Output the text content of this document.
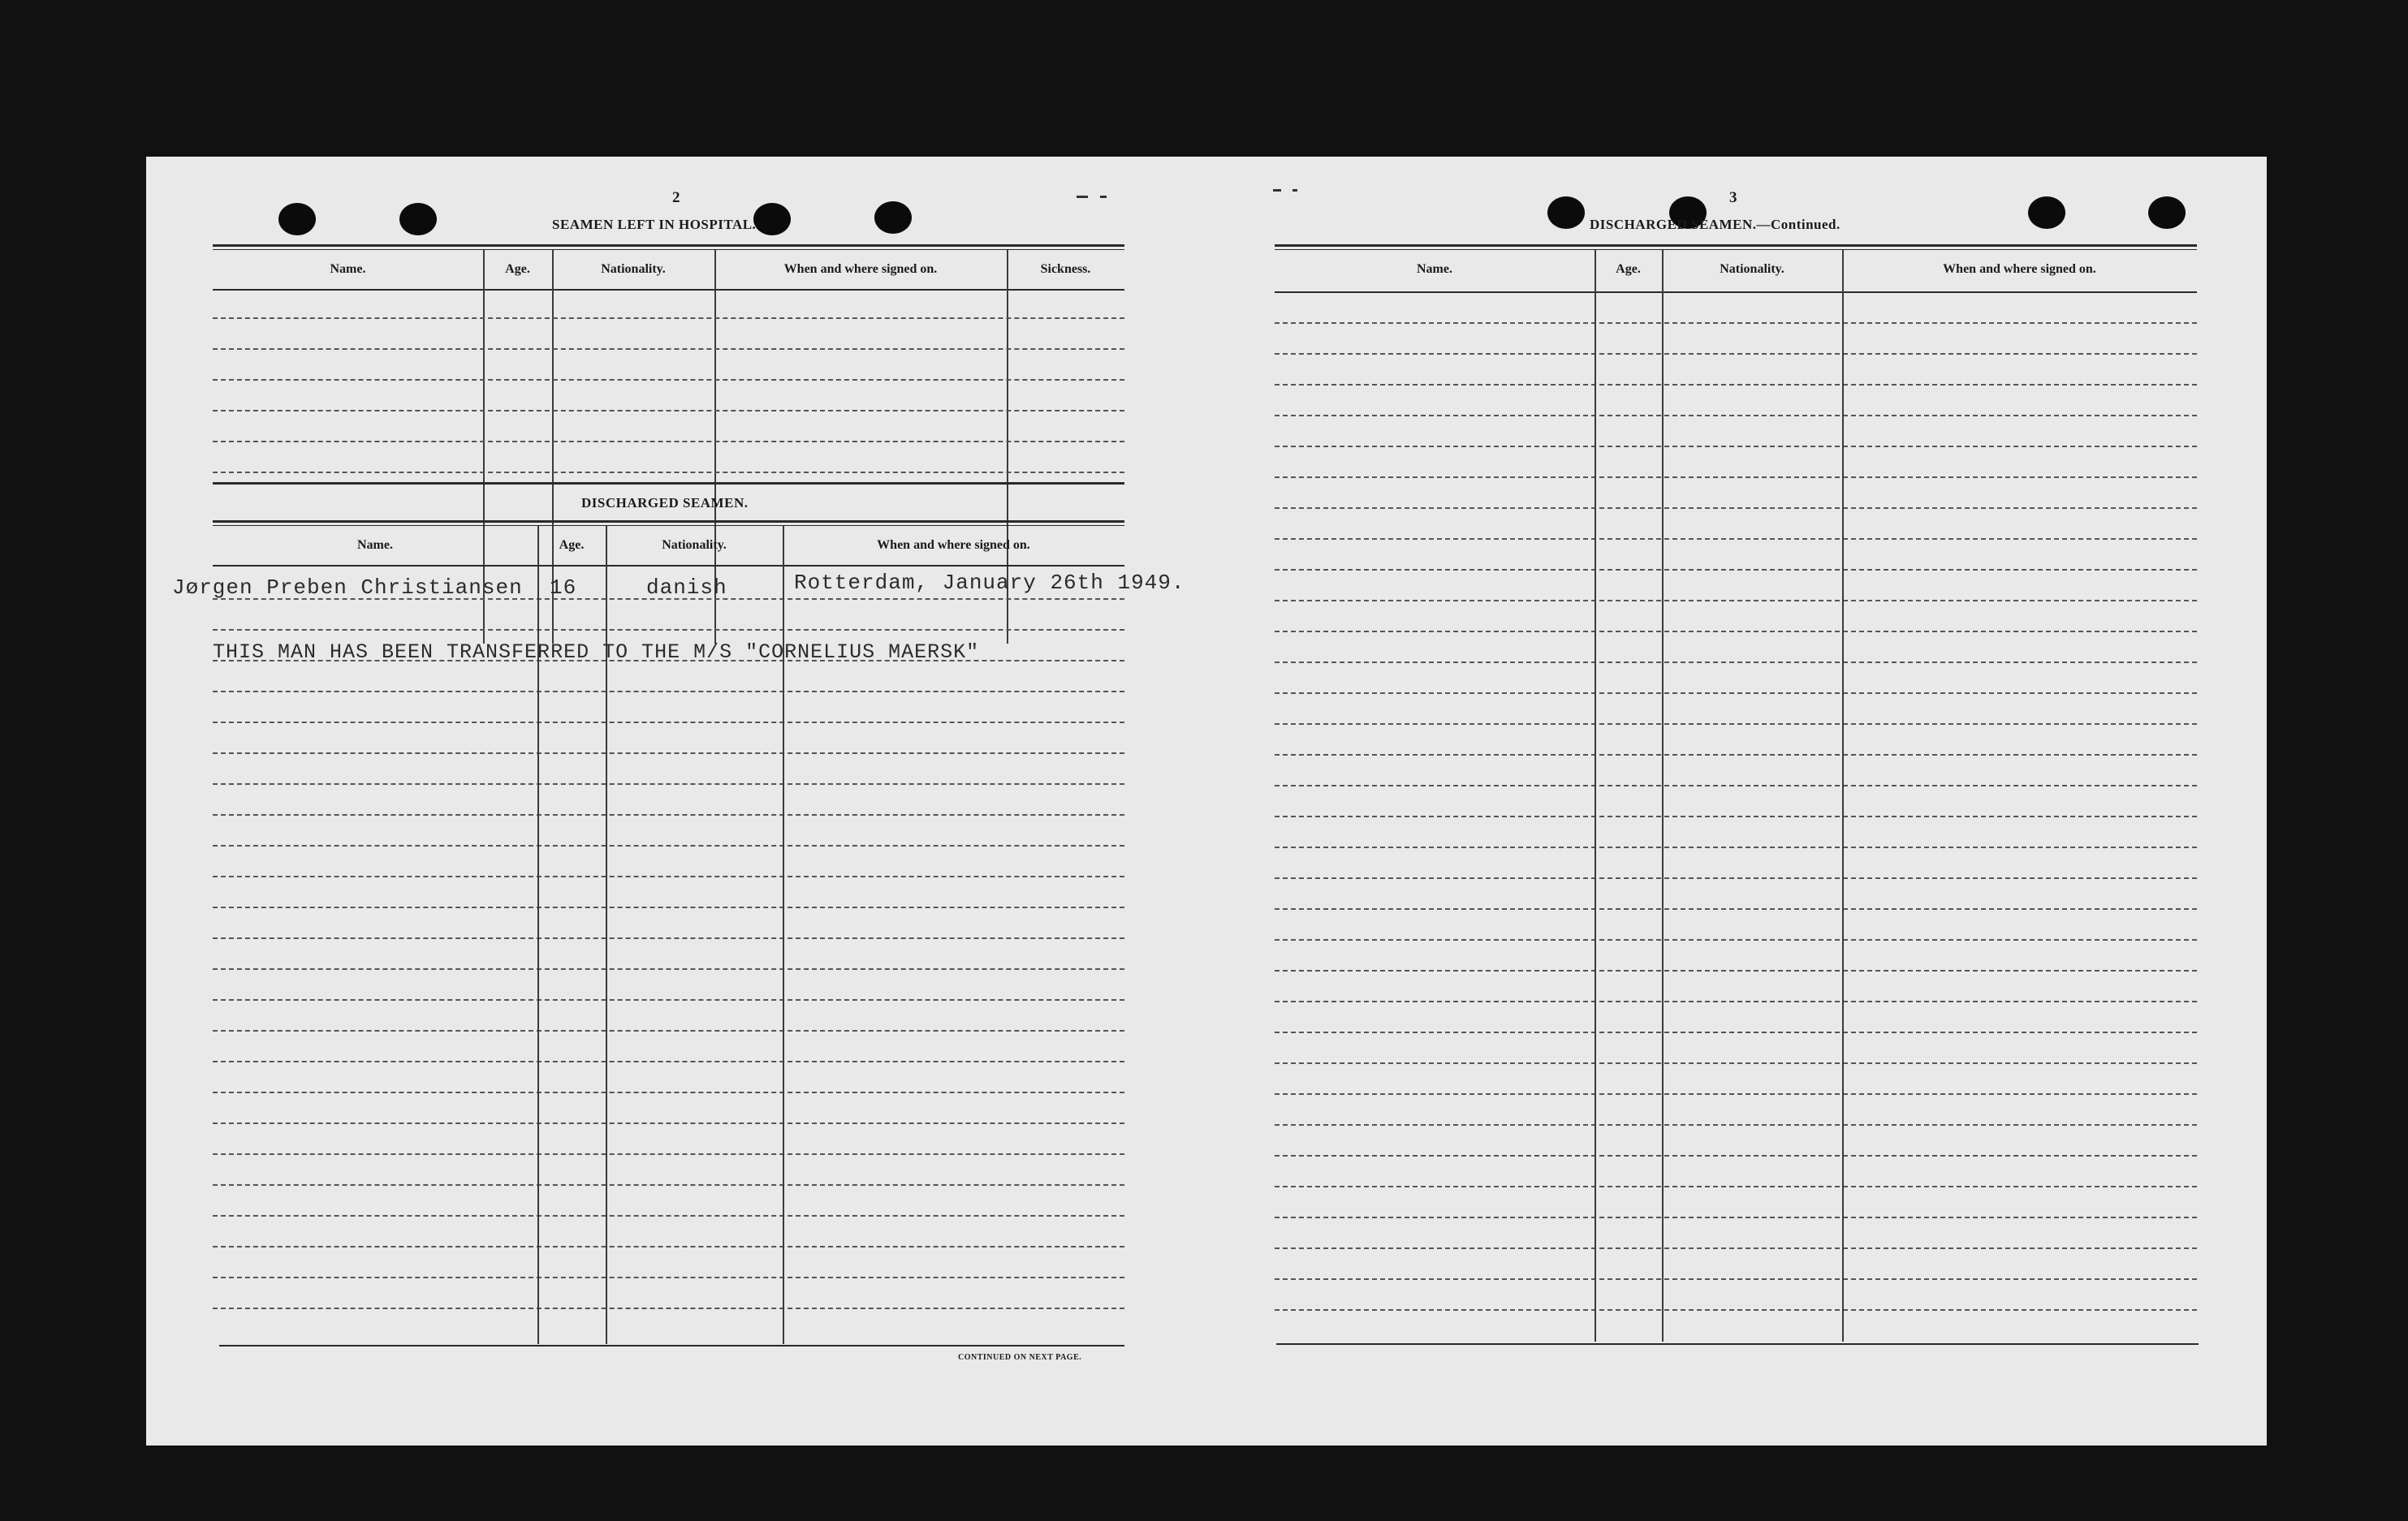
2
SEAMEN LEFT IN HOSPITAL.
Name.	Age.	Nationality.	When and where signed on.	Sickness.
DISCHARGED SEAMEN.
Name.	Age.	Nationality.	When and where signed on.
Jørgen Preben Christiansen 16	danish	Rotterdam, January 26th 1949.
THIS MAN HAS BEEN TRANSFERRED TO THE M/S "CORNELIUS MAERSK"
CONTINUED ON NEXT PAGE.
3
DISCHARGED SEAMEN.—Continued.
Name.	Age.	Nationality.	When and where signed on.
